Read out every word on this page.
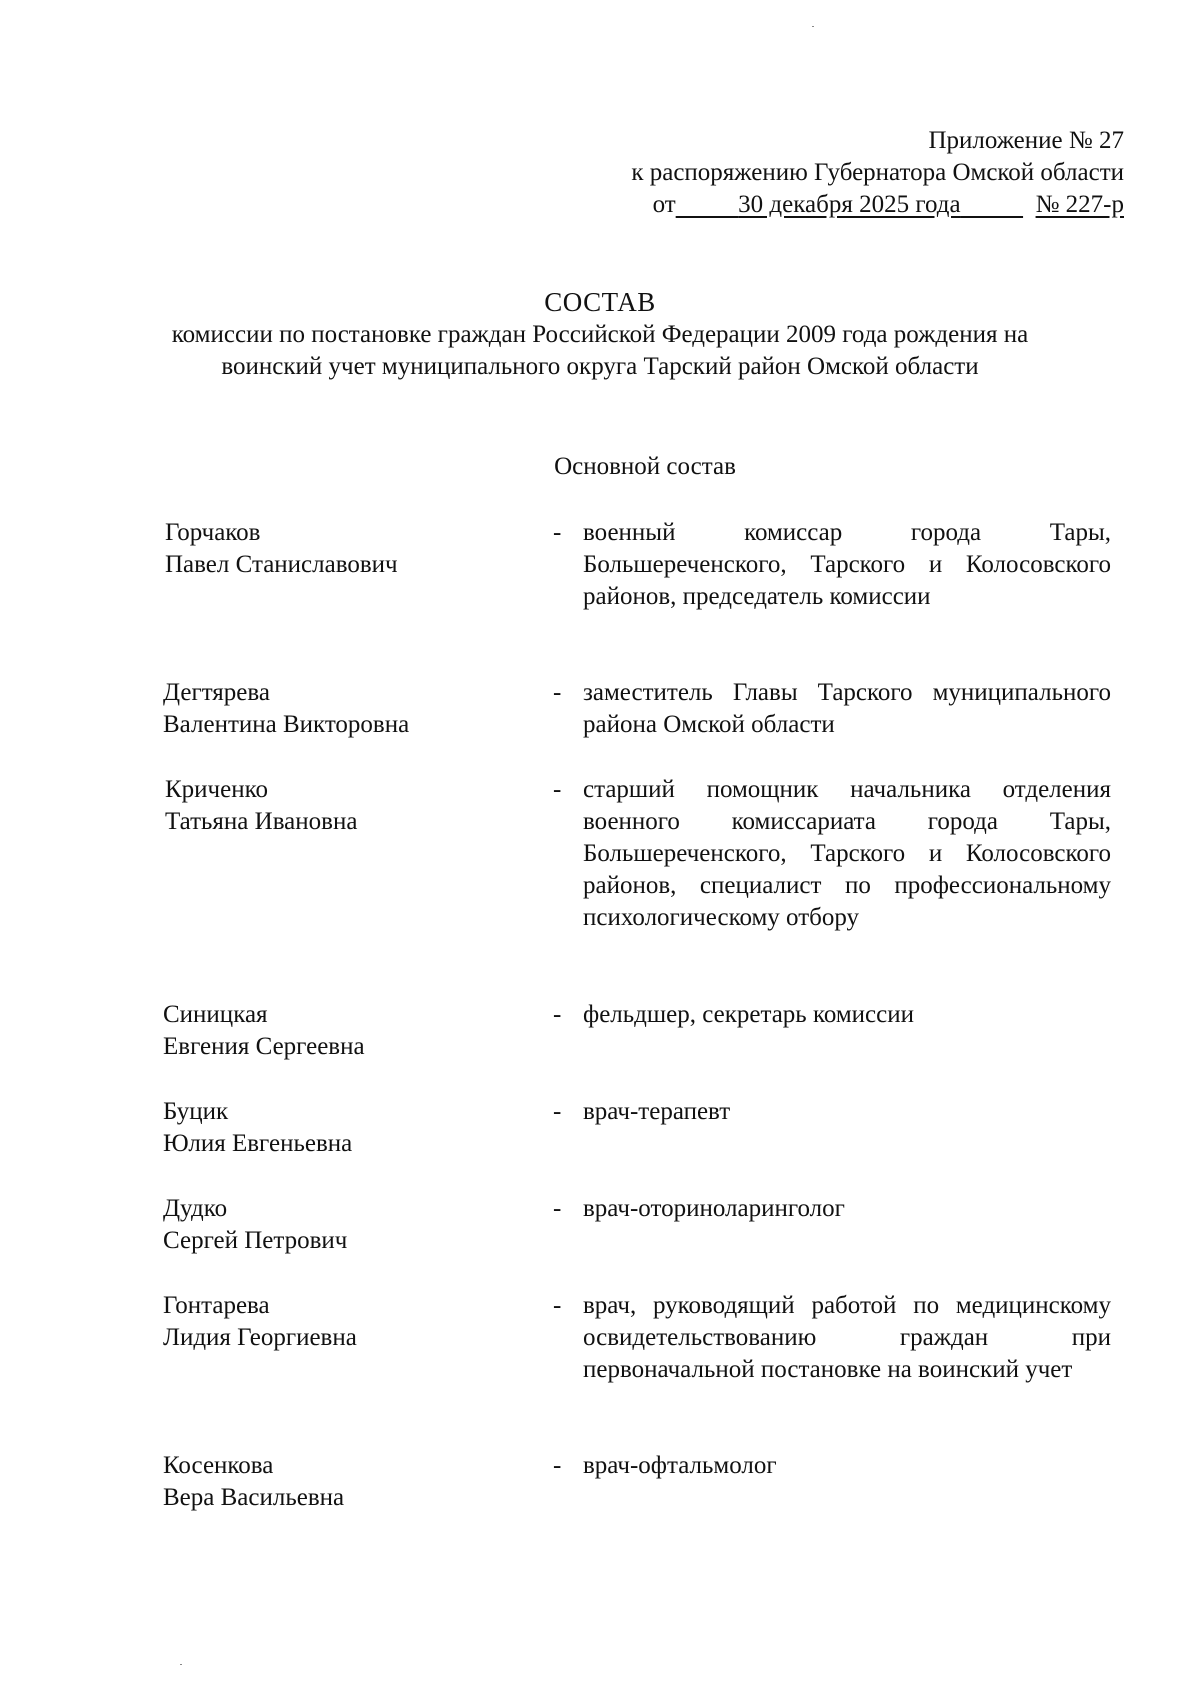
Приложение № 27
к распоряжению Губернатора Омской области
от	30 декабря 2025 года	№ 227-р
СОСТАВ
комиссии по постановке граждан Российской Федерации 2009 года рождения на воинский учет муниципального округа Тарский район Омской области
Основной состав
Горчаков
Павел Станиславович
- военный комиссар города Тары, Большереченского, Тарского и Колосовского районов, председатель комиссии
Дегтярева
Валентина Викторовна
- заместитель Главы Тарского муниципального района Омской области
Криченко
Татьяна Ивановна
- старший помощник начальника отделения военного комиссариата города Тары, Большереченского, Тарского и Колосовского районов, специалист по профессиональному психологическому отбору
Синицкая
Евгения Сергеевна
- фельдшер, секретарь комиссии
Буцик
Юлия Евгеньевна
- врач-терапевт
Дудко
Сергей Петрович
- врач-оториноларинголог
Гонтарева
Лидия Георгиевна
- врач, руководящий работой по медицинскому освидетельствованию граждан при первоначальной постановке на воинский учет
Косенкова
Вера Васильевна
- врач-офтальмолог
